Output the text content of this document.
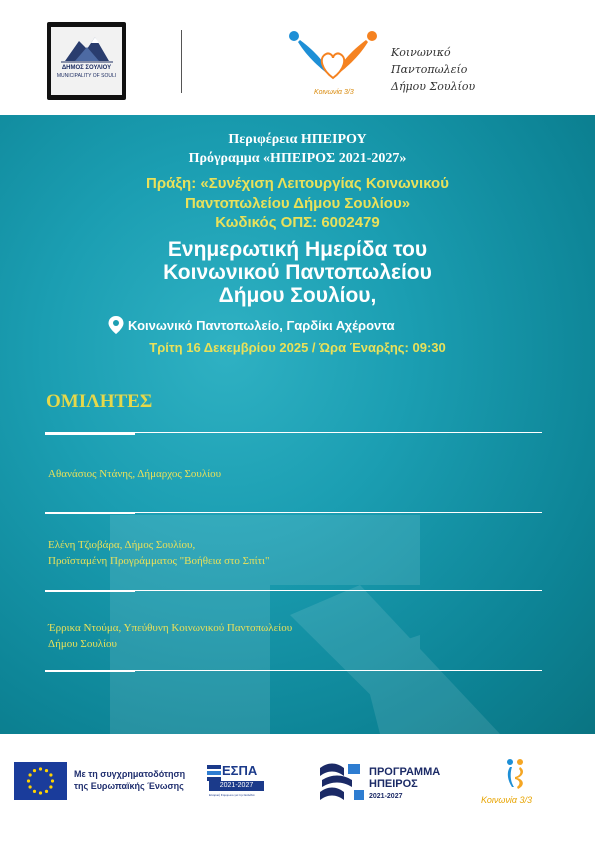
ΔΗΜΟΣ ΣΟΥΛΙΟΥ
MUNICIPALITY OF SOULI
Κοινωνία 3/3
Κοινωνικό
Παντοπωλείο
Δήμου Σουλίου
Περιφέρεια ΗΠΕΙΡΟΥ
Πρόγραμμα «ΗΠΕΙΡΟΣ 2021-2027»
Πράξη: «Συνέχιση Λειτουργίας Κοινωνικού
Παντοπωλείου Δήμου Σουλίου»
Κωδικός ΟΠΣ: 6002479
Ενημερωτική Ημερίδα του
Κοινωνικού Παντοπωλείου
Δήμου Σουλίου,
Κοινωνικό Παντοπωλείο, Γαρδίκι Αχέροντα
Τρίτη 16 Δεκεμβρίου 2025 / Ώρα Έναρξης: 09:30
ΟΜΙΛΗΤΕΣ
Αθανάσιος Ντάνης, Δήμαρχος Σουλίου
Ελένη Τζιοβάρα, Δήμος Σουλίου,
Προϊσταμένη Προγράμματος "Βοήθεια στο Σπίτι"
Έρρικα Ντούμα, Υπεύθυνη Κοινωνικού Παντοπωλείου
Δήμου Σουλίου
Με τη συγχρηματοδότηση
της Ευρωπαϊκής Ένωσης
ΕΣΠΑ
2021-2027
Εταιρική Σύμφωνο για την Ελλάδα
ΠΡΟΓΡΑΜΜΑ
ΗΠΕΙΡΟΣ
2021-2027	Κοινωνία 3/3
